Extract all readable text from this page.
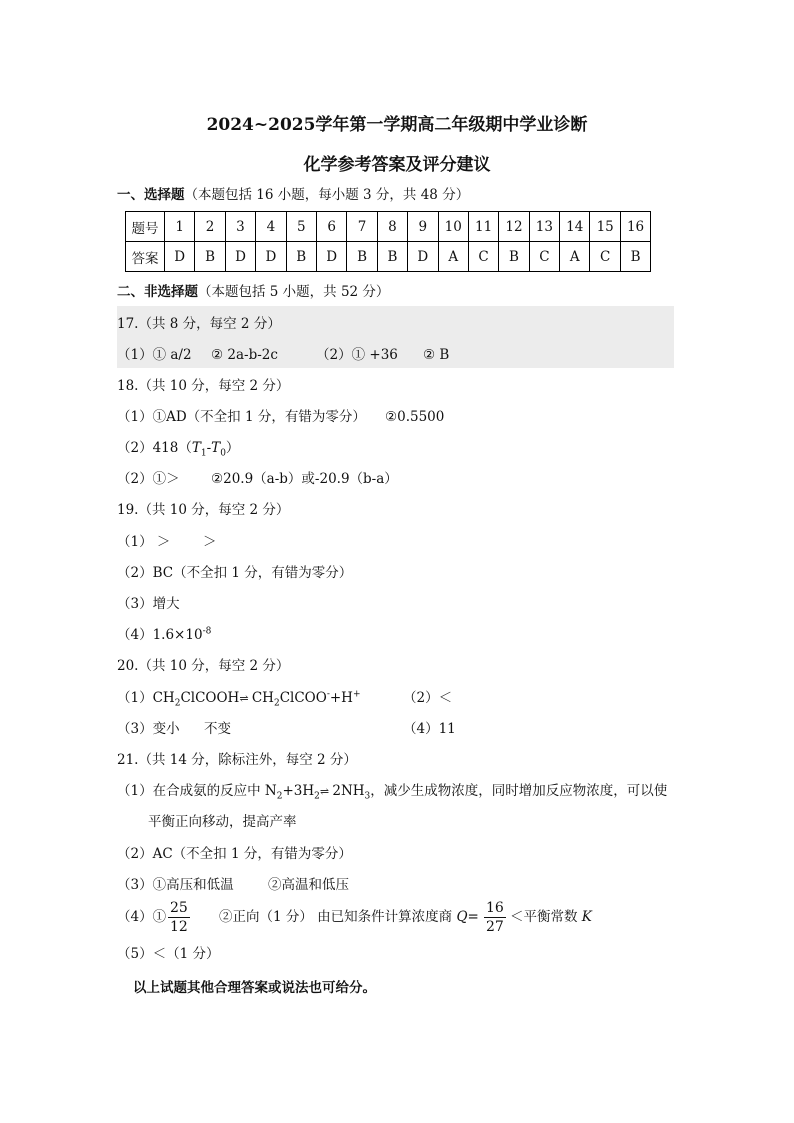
2024~2025学年第一学期高二年级期中学业诊断
化学参考答案及评分建议
一、选择题（本题包括 16 小题，每小题 3 分，共 48 分）
题号	1	2	3	4	5	6	7	8	9	10	11	12	13	14	15	16
答案	D	B	D	D	B	D	B	B	D	A	C	B	C	A	C	B
二、非选择题（本题包括 5 小题，共 52 分）
17.（共 8 分，每空 2 分）
（1）① a/2 ② 2a-b-2c	（2）① +36 ② B
18.（共 10 分，每空 2 分）
（1）①AD（不全扣 1 分，有错为零分） ②0.5500
$(2)418(T_1-T_0)$
（2）①＞ ②20.9（a-b）或-20.9（b-a）
19.（共 10 分，每空 2 分）
（1） ＞ ＞
（2）BC（不全扣 1 分，有错为零分）
（3）增大
$(4)1.6\times 10^{-8}$
20.（共 10 分，每空 2 分）
$(1)CH_2ClCOOH\rightleftharpoons$ $CH_2ClCOO^-+H^+$	（2）＜
（3）变小 不变	（4）11
21.（共 14 分，除标注外，每空 2 分）
（1）在合成氨的反应中 $N_2+3H_2\rightleftharpoons$ $2NH_3$，减少生成物浓度，同时增加反应物浓度，可以使
平衡正向移动，提高产率
（2）AC（不全扣 1 分，有错为零分）
（3）①高压和低温	②高温和低压
（4）① $\frac{25}{12}$ ②正向（1 分） 由已知条件计算浓度商 $Q= \frac{16}{27}$ ＜平衡常数 K
（5）＜（1 分）
以上试题其他合理答案或说法也可给分。
